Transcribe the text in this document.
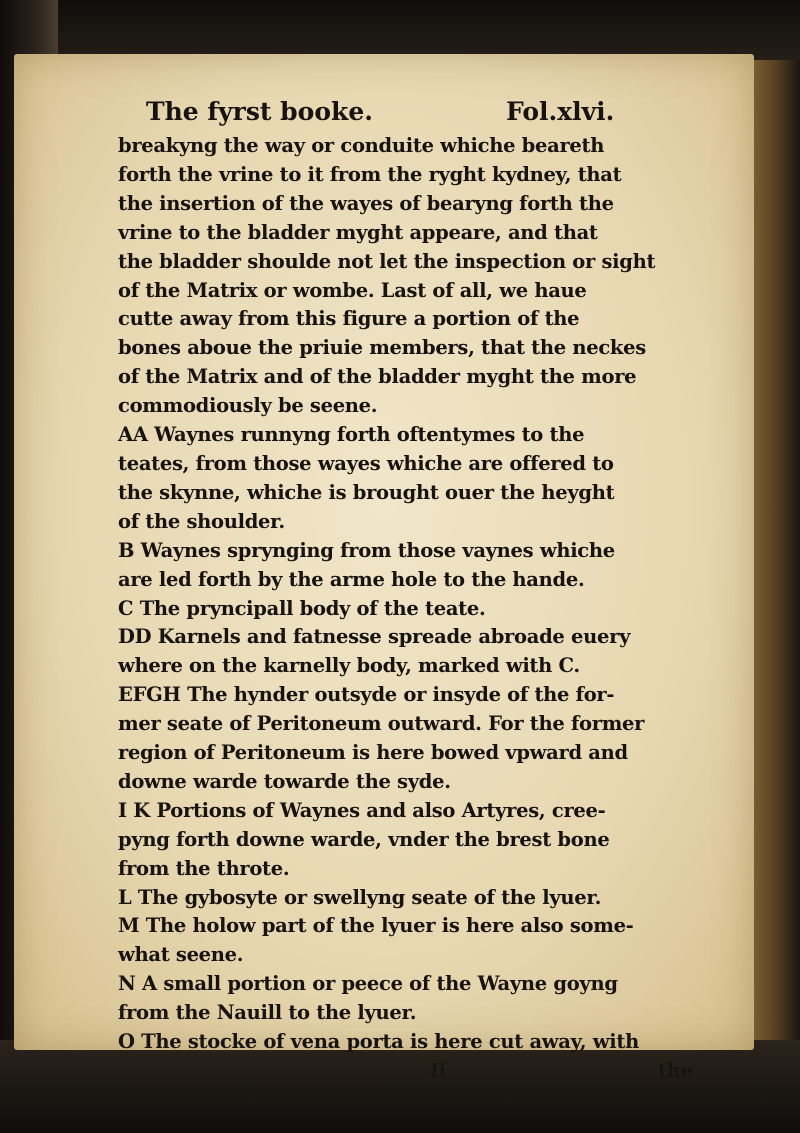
The fyrst booke.	Fol.xlvi.
breakyng the way or conduite whiche beareth
forth the vrine to it from the ryght kydney, that
the insertion of the wayes of bearyng forth the
vrine to the bladder myght appeare, and that
the bladder shoulde not let the inspection or sight
of the Matrix or wombe. Last of all, we haue
cutte away from this figure a portion of the
bones aboue the priuie members, that the neckes
of the Matrix and of the bladder myght the more
commodiously be seene.
AA Waynes runnyng forth oftentymes to the
teates, from those wayes whiche are offered to
the skynne, whiche is brought ouer the heyght
of the shoulder.
B Waynes sprynging from those vaynes whiche
are led forth by the arme hole to the hande.
C The pryncipall body of the teate.
DD Karnels and fatnesse spreade abroade euery
where on the karnelly body, marked with C.
EFGH The hynder outsyde or insyde of the for-
mer seate of Peritoneum outward. For the former
region of Peritoneum is here bowed vpward and
downe warde towarde the syde.
I K Portions of Waynes and also Artyres, cree-
pyng forth downe warde, vnder the brest bone
from the throte.
L The gybosyte or swellyng seate of the lyuer.
M The holow part of the lyuer is here also some-
what seene.
N A small portion or peece of the Wayne goyng
from the Nauill to the lyuer.
O The stocke of vena porta is here cut away, with
Ii	the
